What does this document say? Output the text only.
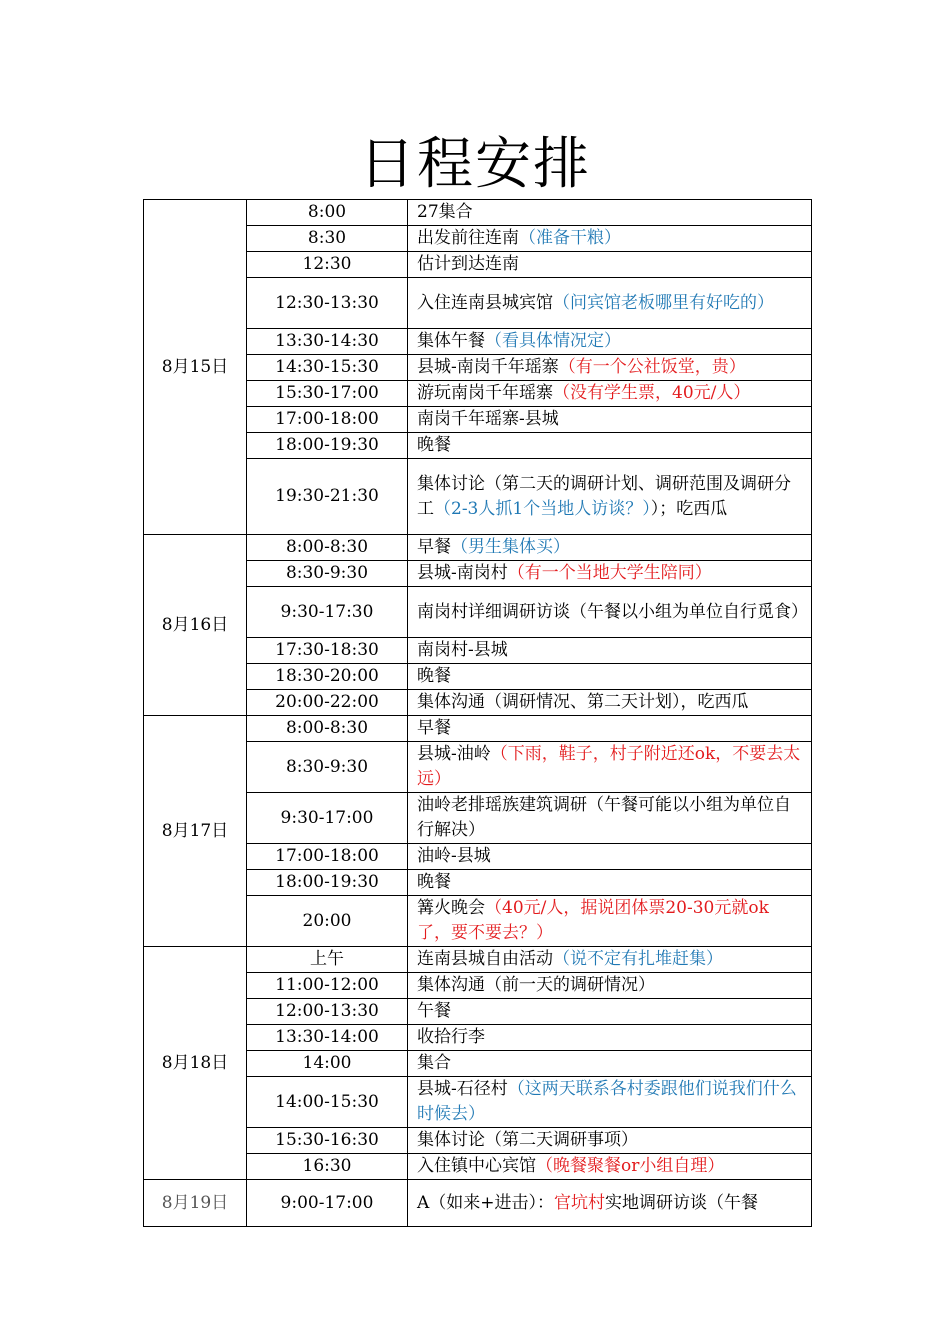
日程安排
8月15日	8:00	27集合
	8:30	出发前往连南（准备干粮）
	12:30	估计到达连南
	12:30-13:30	入住连南县城宾馆（问宾馆老板哪里有好吃的）
	13:30-14:30	集体午餐（看具体情况定）
	14:30-15:30	县城-南岗千年瑶寨（有一个公社饭堂，贵）
	15:30-17:00	游玩南岗千年瑶寨（没有学生票，40元/人）
	17:00-18:00	南岗千年瑶寨-县城
	18:00-19:30	晚餐
	19:30-21:30	集体讨论（第二天的调研计划、调研范围及调研分工（2-3人抓1个当地人访谈？））；吃西瓜
8月16日	8:00-8:30	早餐（男生集体买）
	8:30-9:30	县城-南岗村（有一个当地大学生陪同）
	9:30-17:30	南岗村详细调研访谈（午餐以小组为单位自行觅食）
	17:30-18:30	南岗村-县城
	18:30-20:00	晚餐
	20:00-22:00	集体沟通（调研情况、第二天计划），吃西瓜
8月17日	8:00-8:30	早餐
	8:30-9:30	县城-油岭（下雨，鞋子，村子附近还ok，不要去太远）
	9:30-17:00	油岭老排瑶族建筑调研（午餐可能以小组为单位自行解决）
	17:00-18:00	油岭-县城
	18:00-19:30	晚餐
	20:00	篝火晚会（40元/人，据说团体票20-30元就ok了，要不要去？）
8月18日	上午	连南县城自由活动（说不定有扎堆赶集）
	11:00-12:00	集体沟通（前一天的调研情况）
	12:00-13:30	午餐
	13:30-14:00	收拾行李
	14:00	集合
	14:00-15:30	县城-石径村（这两天联系各村委跟他们说我们什么时候去）
	15:30-16:30	集体讨论（第二天调研事项）
	16:30	入住镇中心宾馆（晚餐聚餐or小组自理）
8月19日	9:00-17:00	A（如来+进击）：官坑村实地调研访谈（午餐
